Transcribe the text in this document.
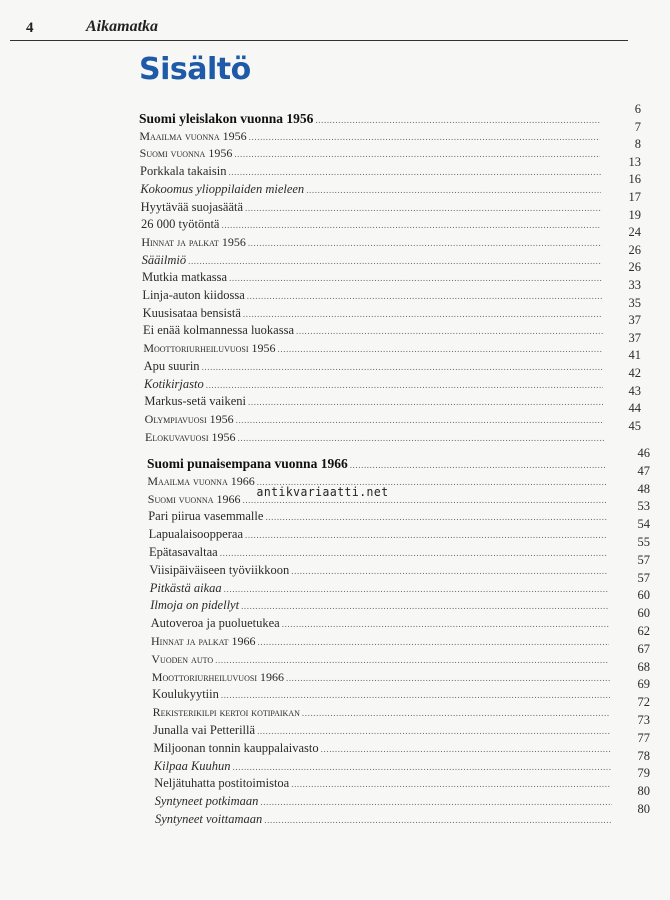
4	Aikamatka
Sisältö
Suomi yleislakon vuonna 1956
.....
Maailma vuonna 1956
.....
Suomi vuonna 1956
.....
Porkkala takaisin
.....
Kokoomus ylioppilaiden mieleen
.....
Hyytävää suojasäätä
.....
26 000 työtöntä
.....
Hinnat ja palkat 1956
.....
Sääilmiö
.....
Mutkia matkassa
.....
Linja-auton kiidossa
.....
Kuusisataa bensistä
.....
Ei enää kolmannessa luokassa
.....
Moottoriurheiluvuosi 1956
.....
Apu suurin
.....
Kotikirjasto
.....
Markus-setä vaikeni
.....
Olympiavuosi 1956
.....
Elokuvavuosi 1956
.....
6
7
8
13
16
17
19
24
26
26
33
35
37
37
41
42
43
44
45
Suomi punaisempana vuonna 1966
.....
Maailma vuonna 1966
.....
Suomi vuonna 1966
.....
Pari piirua vasemmalle
.....
Lapualaisoopperaa
.....
Epätasavaltaa
.....
Viisipäiväiseen työviikkoon
.....
Pitkästä aikaa
.....
Ilmoja on pidellyt
.....
Autoveroa ja puoluetukea
.....
Hinnat ja palkat 1966
.....
Vuoden auto
.....
Moottoriurheiluvuosi 1966
.....
Koulukyytiin
.....
Rekisterikilpi kertoi kotipaikan
.....
Junalla vai Petterillä
.....
Miljoonan tonnin kauppalaivasto
.....
Kilpaa Kuuhun
.....
Neljätuhatta postitoimistoa
.....
Syntyneet potkimaan
.....
Syntyneet voittamaan
.....
46
47
48
53
54
55
57
57
60
60
62
67
68
69
72
73
77
78
79
80
80
antikvariaatti.net
